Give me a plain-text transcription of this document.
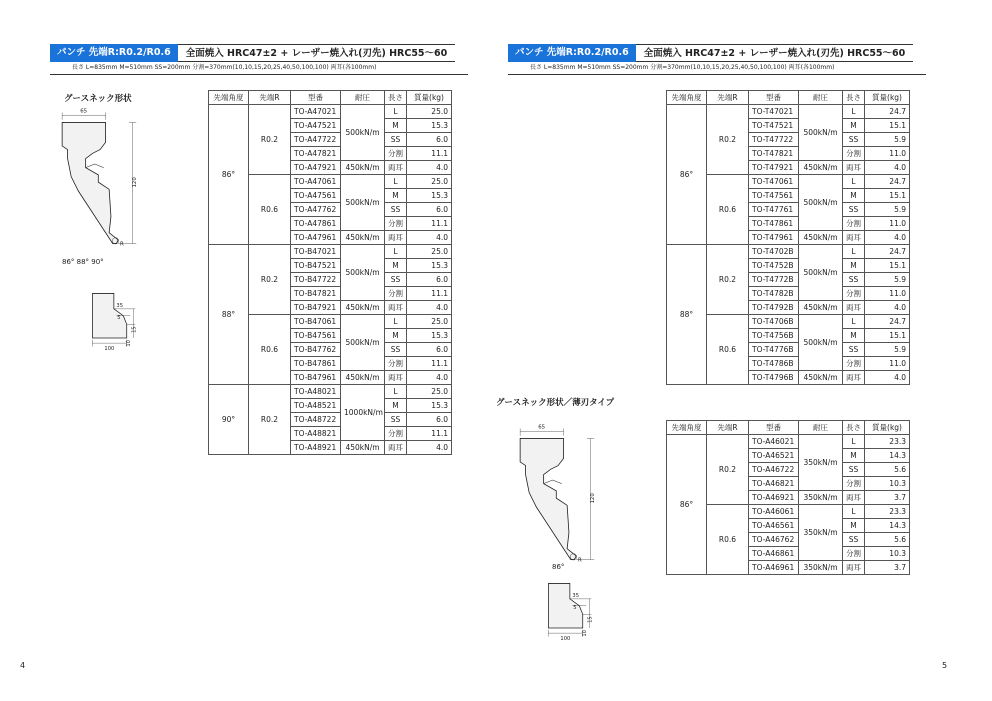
パンチ 先端R:R0.2/R0.6	全面焼入 HRC47±2 + レーザー焼入れ(刃先) HRC55〜60
長さ L=835mm M=510mm SS=200mm 分割=370mm(10,10,15,20,25,40,50,100,100) 両耳(各100mm)
グースネック形状
65
120
R
86° 88° 90°
35
5
15
100
10
先端角度	先端R	型番	耐圧	長さ	質量(kg)
86°	R0.2	TO-A47021	500kN/m	L	25.0
		TO-A47521		M	15.3
		TO-A47722		SS	6.0
		TO-A47821		分割	11.1
		TO-A47921	450kN/m	両耳	4.0
	R0.6	TO-A47061	500kN/m	L	25.0
		TO-A47561		M	15.3
		TO-A47762		SS	6.0
		TO-A47861		分割	11.1
		TO-A47961	450kN/m	両耳	4.0
88°	R0.2	TO-B47021	500kN/m	L	25.0
		TO-B47521		M	15.3
		TO-B47722		SS	6.0
		TO-B47821		分割	11.1
		TO-B47921	450kN/m	両耳	4.0
	R0.6	TO-B47061	500kN/m	L	25.0
		TO-B47561		M	15.3
		TO-B47762		SS	6.0
		TO-B47861		分割	11.1
		TO-B47961	450kN/m	両耳	4.0
90°	R0.2	TO-A48021	1000kN/m	L	25.0
		TO-A48521		M	15.3
		TO-A48722		SS	6.0
		TO-A48821		分割	11.1
		TO-A48921	450kN/m	両耳	4.0
4
パンチ 先端R:R0.2/R0.6	全面焼入 HRC47±2 + レーザー焼入れ(刃先) HRC55〜60
長さ L=835mm M=510mm SS=200mm 分割=370mm(10,10,15,20,25,40,50,100,100) 両耳(各100mm)
先端角度	先端R	型番	耐圧	長さ	質量(kg)
86°	R0.2	TO-T47021	500kN/m	L	24.7
		TO-T47521		M	15.1
		TO-T47722		SS	5.9
		TO-T47821		分割	11.0
		TO-T47921	450kN/m	両耳	4.0
	R0.6	TO-T47061	500kN/m	L	24.7
		TO-T47561		M	15.1
		TO-T47761		SS	5.9
		TO-T47861		分割	11.0
		TO-T47961	450kN/m	両耳	4.0
88°	R0.2	TO-T4702B	500kN/m	L	24.7
		TO-T4752B		M	15.1
		TO-T4772B		SS	5.9
		TO-T4782B		分割	11.0
		TO-T4792B	450kN/m	両耳	4.0
	R0.6	TO-T4706B	500kN/m	L	24.7
		TO-T4756B		M	15.1
		TO-T4776B		SS	5.9
		TO-T4786B		分割	11.0
		TO-T4796B	450kN/m	両耳	4.0
グースネック形状／薄刃タイプ
65
120
R
86°
35
5
15
100
10
先端角度	先端R	型番	耐圧	長さ	質量(kg)
86°	R0.2	TO-A46021	350kN/m	L	23.3
		TO-A46521		M	14.3
		TO-A46722		SS	5.6
		TO-A46821		分割	10.3
		TO-A46921	350kN/m	両耳	3.7
	R0.6	TO-A46061	350kN/m	L	23.3
		TO-A46561		M	14.3
		TO-A46762		SS	5.6
		TO-A46861		分割	10.3
		TO-A46961	350kN/m	両耳	3.7
5
